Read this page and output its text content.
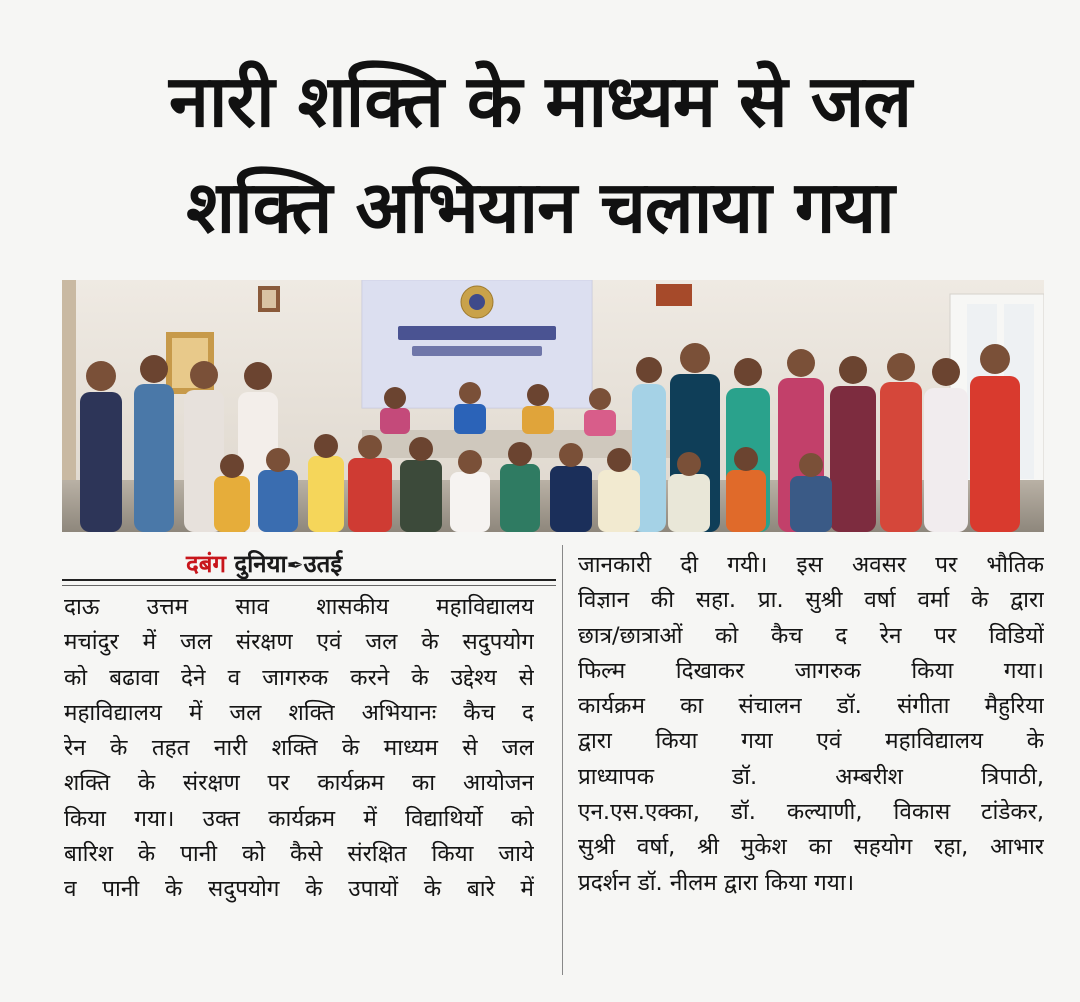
नारी शक्ति के माध्यम से जल
शक्ति अभियान चलाया गया
दबंग दुनिया✒उतई
दाऊ उत्तम साव शासकीय महाविद्यालय
मचांदुर में जल संरक्षण एवं जल के सदुपयोग
को बढावा देने व जागरुक करने के उद्देश्य से
महाविद्यालय में जल शक्ति अभियानः कैच द
रेन के तहत नारी शक्ति के माध्यम से जल
शक्ति के संरक्षण पर कार्यक्रम का आयोजन
किया गया। उक्त कार्यक्रम में विद्याथिर्यो को
बारिश के पानी को कैसे संरक्षित किया जाये
व पानी के सदुपयोग के उपायों के बारे में
जानकारी दी गयी। इस अवसर पर भौतिक
विज्ञान की सहा. प्रा. सुश्री वर्षा वर्मा के द्वारा
छात्र/छात्राओं को कैच द रेन पर विडियों
फिल्म दिखाकर जागरुक किया गया।
कार्यक्रम का संचालन डॉ. संगीता मैहुरिया
द्वारा किया गया एवं महाविद्यालय के
प्राध्यापक डॉ. अम्बरीश त्रिपाठी,
एन.एस.एक्का, डॉ. कल्याणी, विकास टांडेकर,
सुश्री वर्षा, श्री मुकेश का सहयोग रहा, आभार
प्रदर्शन डॉ. नीलम द्वारा किया गया।
